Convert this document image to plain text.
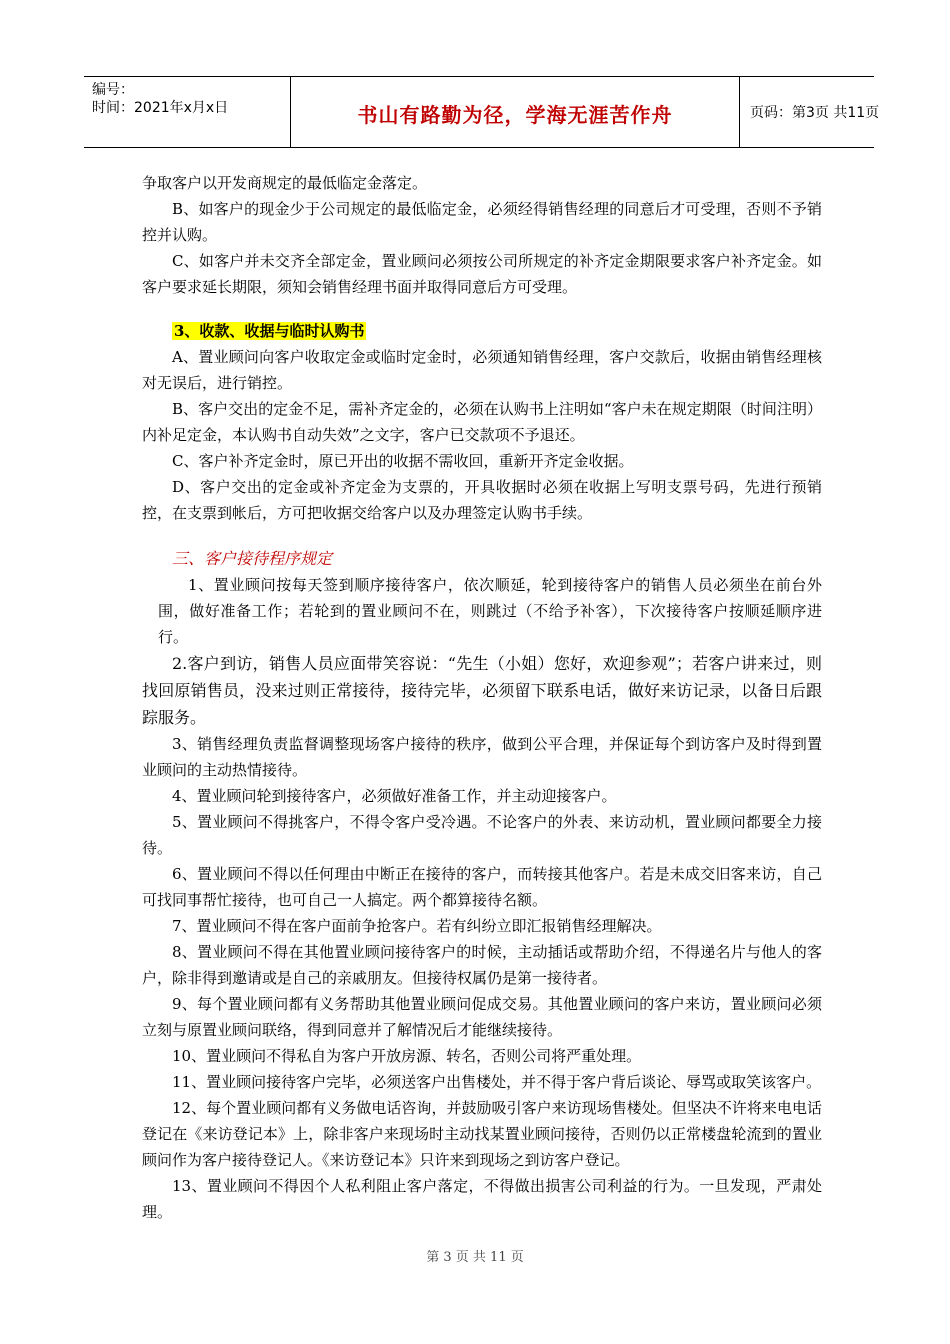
编号：
时间：2021年x月x日	书山有路勤为径，学海无涯苦作舟	页码：第3页 共11页

争取客户以开发商规定的最低临定金落定。

B、如客户的现金少于公司规定的最低临定金，必须经得销售经理的同意后才可受理，否则不予销控并认购。

C、如客户并未交齐全部定金，置业顾问必须按公司所规定的补齐定金期限要求客户补齐定金。如客户要求延长期限，须知会销售经理书面并取得同意后方可受理。

3、收款、收据与临时认购书

A、置业顾问向客户收取定金或临时定金时，必须通知销售经理，客户交款后，收据由销售经理核对无误后，进行销控。

B、客户交出的定金不足，需补齐定金的，必须在认购书上注明如“客户未在规定期限（时间注明）内补足定金，本认购书自动失效”之文字，客户已交款项不予退还。

C、客户补齐定金时，原已开出的收据不需收回，重新开齐定金收据。

D、客户交出的定金或补齐定金为支票的，开具收据时必须在收据上写明支票号码，先进行预销控，在支票到帐后，方可把收据交给客户以及办理签定认购书手续。

三、客户接待程序规定

1、置业顾问按每天签到顺序接待客户，依次顺延，轮到接待客户的销售人员必须坐在前台外围，做好准备工作；若轮到的置业顾问不在，则跳过（不给予补客），下次接待客户按顺延顺序进行。

2.客户到访，销售人员应面带笑容说：“先生（小姐）您好，欢迎参观”；若客户讲来过，则找回原销售员，没来过则正常接待，接待完毕，必须留下联系电话，做好来访记录，以备日后跟踪服务。

3、销售经理负责监督调整现场客户接待的秩序，做到公平合理，并保证每个到访客户及时得到置业顾问的主动热情接待。

4、置业顾问轮到接待客户，必须做好准备工作，并主动迎接客户。

5、置业顾问不得挑客户，不得令客户受冷遇。不论客户的外表、来访动机，置业顾问都要全力接待。

6、置业顾问不得以任何理由中断正在接待的客户，而转接其他客户。若是未成交旧客来访，自己可找同事帮忙接待，也可自己一人搞定。两个都算接待名额。

7、置业顾问不得在客户面前争抢客户。若有纠纷立即汇报销售经理解决。

8、置业顾问不得在其他置业顾问接待客户的时候，主动插话或帮助介绍，不得递名片与他人的客户，除非得到邀请或是自己的亲戚朋友。但接待权属仍是第一接待者。

9、每个置业顾问都有义务帮助其他置业顾问促成交易。其他置业顾问的客户来访，置业顾问必须立刻与原置业顾问联络，得到同意并了解情况后才能继续接待。

10、置业顾问不得私自为客户开放房源、转名，否则公司将严重处理。

11、置业顾问接待客户完毕，必须送客户出售楼处，并不得于客户背后谈论、辱骂或取笑该客户。

12、每个置业顾问都有义务做电话咨询，并鼓励吸引客户来访现场售楼处。但坚决不许将来电电话登记在《来访登记本》上，除非客户来现场时主动找某置业顾问接待，否则仍以正常楼盘轮流到的置业顾问作为客户接待登记人。《来访登记本》只许来到现场之到访客户登记。

13、置业顾问不得因个人私利阻止客户落定，不得做出损害公司利益的行为。一旦发现，严肃处理。

第 3 页 共 11 页
